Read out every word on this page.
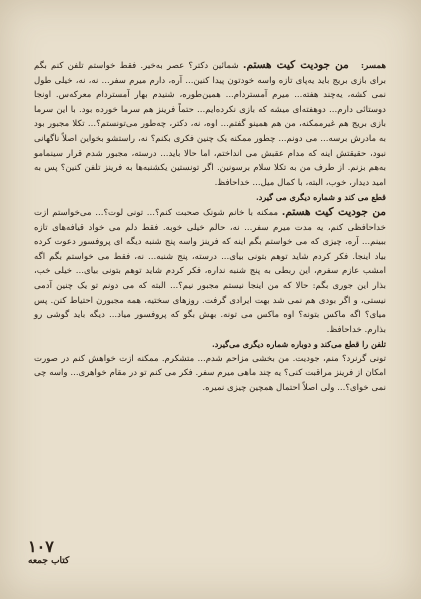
همسر: من جودیت کیت هستم. شمائین دکتر؟ عصر به‌خیر. فقط خواستم تلفن کنم بگم برای بازی بریج باید یه‌پای تازه واسه خودتون پیدا کنین... آره، دارم میرم سفر... نه، نه، خیلی طول نمی کشه، یه‌چند هفته... میرم آمستردام... همین‌طوره، شنیدم بهار آمستردام معرکه‌س. اونجا دوستائی دارم... دوهفته‌ای میشه که بازی نکرده‌ایم... حتماً فرینز هم سرما خورده بود. با این سرما بازی بریج هم غیرممکنه، من هم همینو گفتم... اوه، نه، دکتر، چه‌طور می‌تونستم؟... تکلا مجبور بود به مادرش برسه... می دونم... چطور ممکنه یک چنین فکری بکنم؟ نه، راستشو بخواین اصلاً ناگهانی نبود، حقیقتش اینه که مدام عقبش می انداختم، اما حالا باید... درسته، مجبور شدم قرار سینمامو به‌هم بزنم. از طرف من به تکلا سلام برسونین. اگر تونستین یکشنبه‌ها به فرینز تلفن کنین؟ پس به امید دیدار، خوب، البته، با کمال میل... خداحافظ.

قطع می کند و شماره دیگری می گیرد.

من جودیت کیت هستم. ممکنه با خانم شونک صحبت کنم؟... تونی لوت؟... می‌خواستم ازت خداحافظی کنم، یه مدت میرم سفر... نه، حالم خیلی خوبه. فقط دلم می خواد قیافه‌های تازه ببینم... آره، چیزی که می خواستم بگم اینه که فرینز واسه پنج شنبه دیگه ای پروفسور دعوت کرده بیاد اینجا. فکر کردم شاید توهم بتونی بیای... درسته، پنج شنبه... نه، فقط می خواستم بگم اگه امشب عازم سفرم، این ربطی به پنج شنبه نداره، فکر کردم شاید توهم بتونی بیای... خیلی خب، بذار این جوری بگم: حالا که من اینجا نیستم مجبور نیم؟... البته که می دونم تو یک چنین آدمی نیستی، و اگر بودی هم نمی شد بهت ایرادی گرفت. روزهای سختیه، همه مجبورن احتیاط کنن. پس میای؟ اگه ماکس بتونه؟ اوه ماکس می تونه. بهش بگو که پروفسور میاد... دیگه باید گوشی رو بذارم. خداحافظ.

تلفن را قطع می‌کند و دوباره شماره دیگری می‌گیرد.

تونی گرنرد؟ منم، جودیت. من بخشی مزاحم شدم... متشکرم. ممکنه ازت خواهش کنم در صورت امکان از فرینز مراقبت کنی؟ یه چند ماهی میرم سفر. فکر می کنم تو در مقام خواهری... واسه چی نمی خوای؟... ولی اصلاً احتمال همچین چیزی نمیره.

۱۰۷
کتاب جمعه
